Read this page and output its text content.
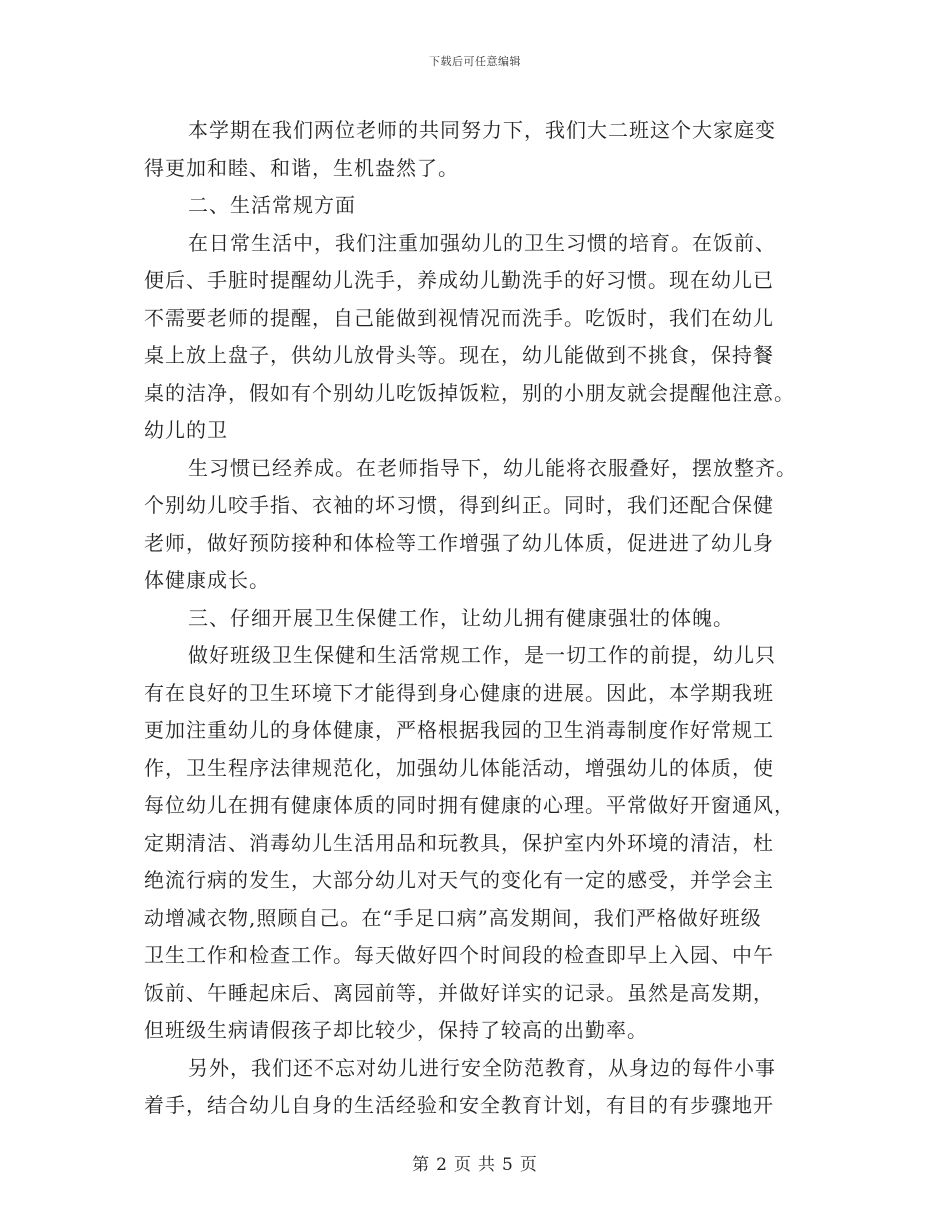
下载后可任意编辑

本学期在我们两位老师的共同努力下，我们大二班这个大家庭变

得更加和睦、和谐，生机盎然了。

二、生活常规方面

在日常生活中，我们注重加强幼儿的卫生习惯的培育。在饭前、

便后、手脏时提醒幼儿洗手，养成幼儿勤洗手的好习惯。现在幼儿已

不需要老师的提醒，自己能做到视情况而洗手。吃饭时，我们在幼儿

桌上放上盘子，供幼儿放骨头等。现在，幼儿能做到不挑食，保持餐

桌的洁净，假如有个别幼儿吃饭掉饭粒，别的小朋友就会提醒他注意。

幼儿的卫

生习惯已经养成。在老师指导下，幼儿能将衣服叠好，摆放整齐。

个别幼儿咬手指、衣袖的坏习惯，得到纠正。同时，我们还配合保健

老师，做好预防接种和体检等工作增强了幼儿体质，促进进了幼儿身

体健康成长。

三、仔细开展卫生保健工作，让幼儿拥有健康强壮的体魄。

做好班级卫生保健和生活常规工作，是一切工作的前提，幼儿只

有在良好的卫生环境下才能得到身心健康的进展。因此，本学期我班

更加注重幼儿的身体健康，严格根据我园的卫生消毒制度作好常规工

作，卫生程序法律规范化，加强幼儿体能活动，增强幼儿的体质，使

每位幼儿在拥有健康体质的同时拥有健康的心理。平常做好开窗通风，

定期清洁、消毒幼儿生活用品和玩教具，保护室内外环境的清洁，杜

绝流行病的发生，大部分幼儿对天气的变化有一定的感受，并学会主

动增减衣物,照顾自己。在“手足口病”高发期间，我们严格做好班级

卫生工作和检查工作。每天做好四个时间段的检查即早上入园、中午

饭前、午睡起床后、离园前等，并做好详实的记录。虽然是高发期，

但班级生病请假孩子却比较少，保持了较高的出勤率。

另外，我们还不忘对幼儿进行安全防范教育，从身边的每件小事

着手，结合幼儿自身的生活经验和安全教育计划，有目的有步骤地开

第 2 页 共 5 页
